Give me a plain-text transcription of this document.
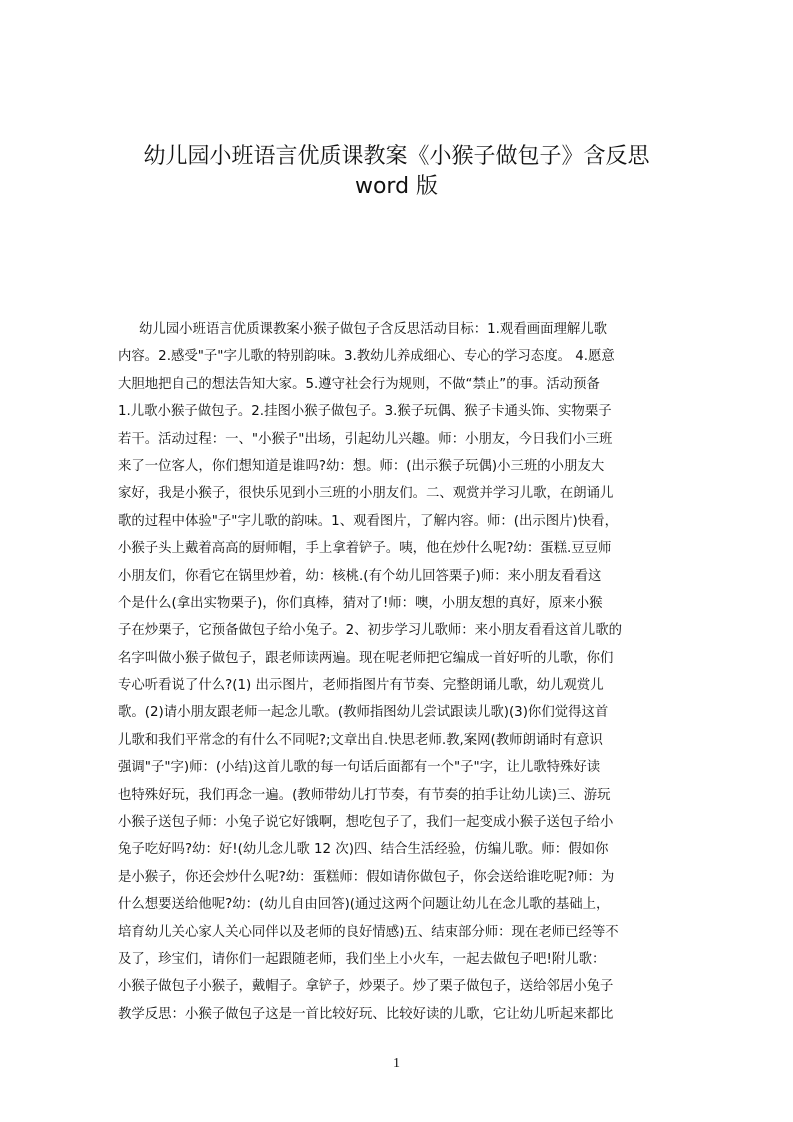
幼儿园小班语言优质课教案《小猴子做包子》含反思
word 版
幼儿园小班语言优质课教案小猴子做包子含反思活动目标：1.观看画面理解儿歌
内容。2.感受"子"字儿歌的特别韵味。3.教幼儿养成细心、专心的学习态度。 4.愿意
大胆地把自己的想法告知大家。5.遵守社会行为规则，不做“禁止”的事。活动预备
1.儿歌小猴子做包子。2.挂图小猴子做包子。3.猴子玩偶、猴子卡通头饰、实物栗子
若干。活动过程：一、"小猴子"出场，引起幼儿兴趣。师：小朋友，今日我们小三班
来了一位客人，你们想知道是谁吗?幼：想。师：(出示猴子玩偶)小三班的小朋友大
家好，我是小猴子，很快乐见到小三班的小朋友们。二、观赏并学习儿歌，在朗诵儿
歌的过程中体验"子"字儿歌的韵味。1、观看图片，了解内容。师：(出示图片)快看，
小猴子头上戴着高高的厨师帽，手上拿着铲子。咦，他在炒什么呢?幼：蛋糕.豆豆师
小朋友们，你看它在锅里炒着，幼：核桃.(有个幼儿回答栗子)师：来小朋友看看这
个是什么(拿出实物栗子)，你们真棒，猜对了!师：噢，小朋友想的真好，原来小猴
子在炒栗子，它预备做包子给小兔子。2、初步学习儿歌师：来小朋友看看这首儿歌的
名字叫做小猴子做包子，跟老师读两遍。现在呢老师把它编成一首好听的儿歌，你们
专心听看说了什么?(1) 出示图片，老师指图片有节奏、完整朗诵儿歌，幼儿观赏儿
歌。(2)请小朋友跟老师一起念儿歌。(教师指图幼儿尝试跟读儿歌)(3)你们觉得这首
儿歌和我们平常念的有什么不同呢?;文章出自.快思老师.教,案网(教师朗诵时有意识
强调"子"字)师：(小结)这首儿歌的每一句话后面都有一个"子"字，让儿歌特殊好读
也特殊好玩，我们再念一遍。(教师带幼儿打节奏，有节奏的拍手让幼儿读)三、游玩
小猴子送包子师：小兔子说它好饿啊，想吃包子了，我们一起变成小猴子送包子给小
兔子吃好吗?幼：好!(幼儿念儿歌 12 次)四、结合生活经验，仿编儿歌。师：假如你
是小猴子，你还会炒什么呢?幼：蛋糕师：假如请你做包子，你会送给谁吃呢?师：为
什么想要送给他呢?幼：(幼儿自由回答)(通过这两个问题让幼儿在念儿歌的基础上，
培育幼儿关心家人关心同伴以及老师的良好情感)五、结束部分师：现在老师已经等不
及了，珍宝们，请你们一起跟随老师，我们坐上小火车，一起去做包子吧!附儿歌：
小猴子做包子小猴子，戴帽子。拿铲子，炒栗子。炒了栗子做包子，送给邻居小兔子
教学反思：小猴子做包子这是一首比较好玩、比较好读的儿歌，它让幼儿听起来都比
1
